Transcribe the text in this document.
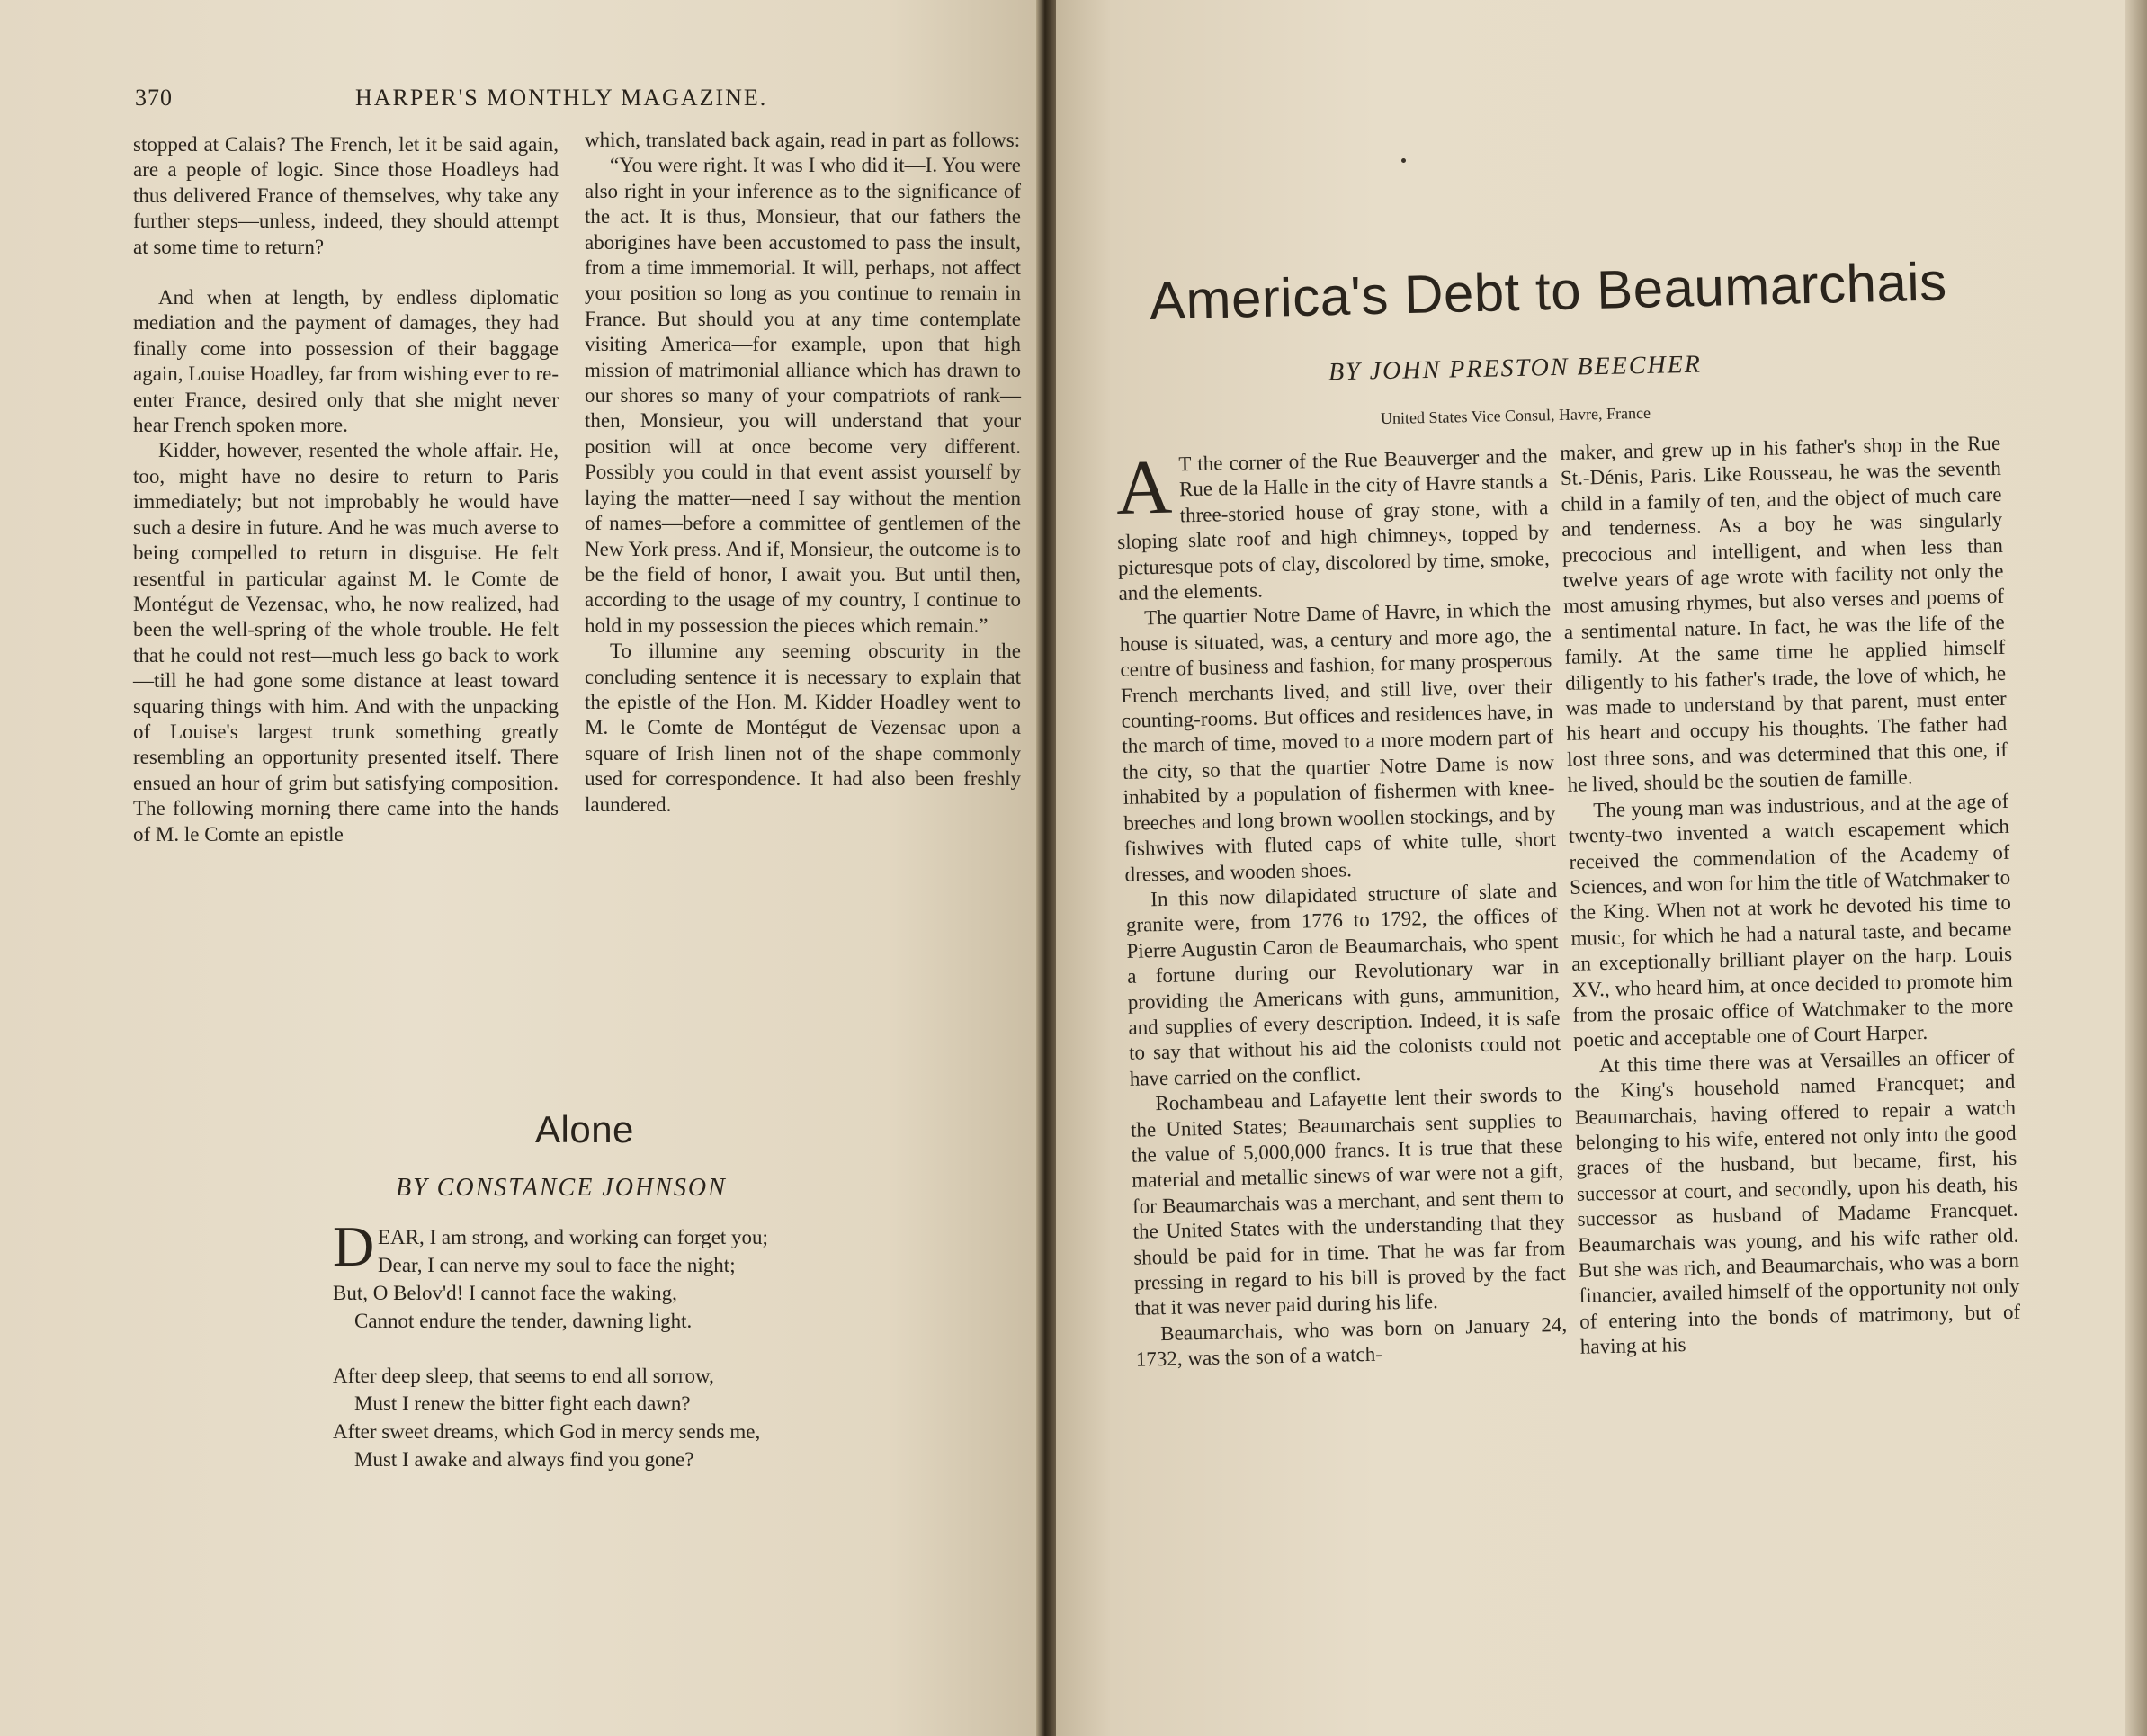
370	HARPER'S MONTHLY MAGAZINE.

stopped at Calais? The French, let it be said again, are a people of logic. Since those Hoadleys had thus delivered France of themselves, why take any further steps—unless, indeed, they should attempt at some time to return?

And when at length, by endless diplomatic mediation and the payment of damages, they had finally come into possession of their baggage again, Louise Hoadley, far from wishing ever to re-enter France, desired only that she might never hear French spoken more.

Kidder, however, resented the whole affair. He, too, might have no desire to return to Paris immediately; but not improbably he would have such a desire in future. And he was much averse to being compelled to return in disguise. He felt resentful in particular against M. le Comte de Montégut de Vezensac, who, he now realized, had been the well-spring of the whole trouble. He felt that he could not rest—much less go back to work—till he had gone some distance at least toward squaring things with him. And with the unpacking of Louise's largest trunk something greatly resembling an opportunity presented itself. There ensued an hour of grim but satisfying composition. The following morning there came into the hands of M. le Comte an epistle

which, translated back again, read in part as follows:

“You were right. It was I who did it—I. You were also right in your inference as to the significance of the act. It is thus, Monsieur, that our fathers the aborigines have been accustomed to pass the insult, from a time immemorial. It will, perhaps, not affect your position so long as you continue to remain in France. But should you at any time contemplate visiting America—for example, upon that high mission of matrimonial alliance which has drawn to our shores so many of your compatriots of rank—then, Monsieur, you will understand that your position will at once become very different. Possibly you could in that event assist yourself by laying the matter—need I say without the mention of names—before a committee of gentlemen of the New York press. And if, Monsieur, the outcome is to be the field of honor, I await you. But until then, according to the usage of my country, I continue to hold in my possession the pieces which remain.”

To illumine any seeming obscurity in the concluding sentence it is necessary to explain that the epistle of the Hon. M. Kidder Hoadley went to M. le Comte de Montégut de Vezensac upon a square of Irish linen not of the shape commonly used for correspondence. It had also been freshly laundered.

Alone
BY CONSTANCE JOHNSON
D EAR, I am strong, and working can forget you;
Dear, I can nerve my soul to face the night;
But, O Belov'd! I cannot face the waking,
Cannot endure the tender, dawning light.
After deep sleep, that seems to end all sorrow,
Must I renew the bitter fight each dawn?
After sweet dreams, which God in mercy sends me,
Must I awake and always find you gone?
America's Debt to Beaumarchais
BY JOHN PRESTON BEECHER
United States Vice Consul, Havre, France

A T the corner of the Rue Beauverger and the Rue de la Halle in the city of Havre stands a three-storied house of gray stone, with a sloping slate roof and high chimneys, topped by picturesque pots of clay, discolored by time, smoke, and the elements.

The quartier Notre Dame of Havre, in which the house is situated, was, a century and more ago, the centre of business and fashion, for many prosperous French merchants lived, and still live, over their counting-rooms. But offices and residences have, in the march of time, moved to a more modern part of the city, so that the quartier Notre Dame is now inhabited by a population of fishermen with knee-breeches and long brown woollen stockings, and by fishwives with fluted caps of white tulle, short dresses, and wooden shoes.

In this now dilapidated structure of slate and granite were, from 1776 to 1792, the offices of Pierre Augustin Caron de Beaumarchais, who spent a fortune during our Revolutionary war in providing the Americans with guns, ammunition, and supplies of every description. Indeed, it is safe to say that without his aid the colonists could not have carried on the conflict.

Rochambeau and Lafayette lent their swords to the United States; Beaumarchais sent supplies to the value of 5,000,000 francs. It is true that these material and metallic sinews of war were not a gift, for Beaumarchais was a merchant, and sent them to the United States with the understanding that they should be paid for in time. That he was far from pressing in regard to his bill is proved by the fact that it was never paid during his life.

Beaumarchais, who was born on January 24, 1732, was the son of a watch-

maker, and grew up in his father's shop in the Rue St.-Dénis, Paris. Like Rousseau, he was the seventh child in a family of ten, and the object of much care and tenderness. As a boy he was singularly precocious and intelligent, and when less than twelve years of age wrote with facility not only the most amusing rhymes, but also verses and poems of a sentimental nature. In fact, he was the life of the family. At the same time he applied himself diligently to his father's trade, the love of which, he was made to understand by that parent, must enter his heart and occupy his thoughts. The father had lost three sons, and was determined that this one, if he lived, should be the soutien de famille.

The young man was industrious, and at the age of twenty-two invented a watch escapement which received the commendation of the Academy of Sciences, and won for him the title of Watchmaker to the King. When not at work he devoted his time to music, for which he had a natural taste, and became an exceptionally brilliant player on the harp. Louis XV., who heard him, at once decided to promote him from the prosaic office of Watchmaker to the more poetic and acceptable one of Court Harper.

At this time there was at Versailles an officer of the King's household named Francquet; and Beaumarchais, having offered to repair a watch belonging to his wife, entered not only into the good graces of the husband, but became, first, his successor at court, and secondly, upon his death, his successor as husband of Madame Francquet. Beaumarchais was young, and his wife rather old. But she was rich, and Beaumarchais, who was a born financier, availed himself of the opportunity not only of entering into the bonds of matrimony, but of having at his
